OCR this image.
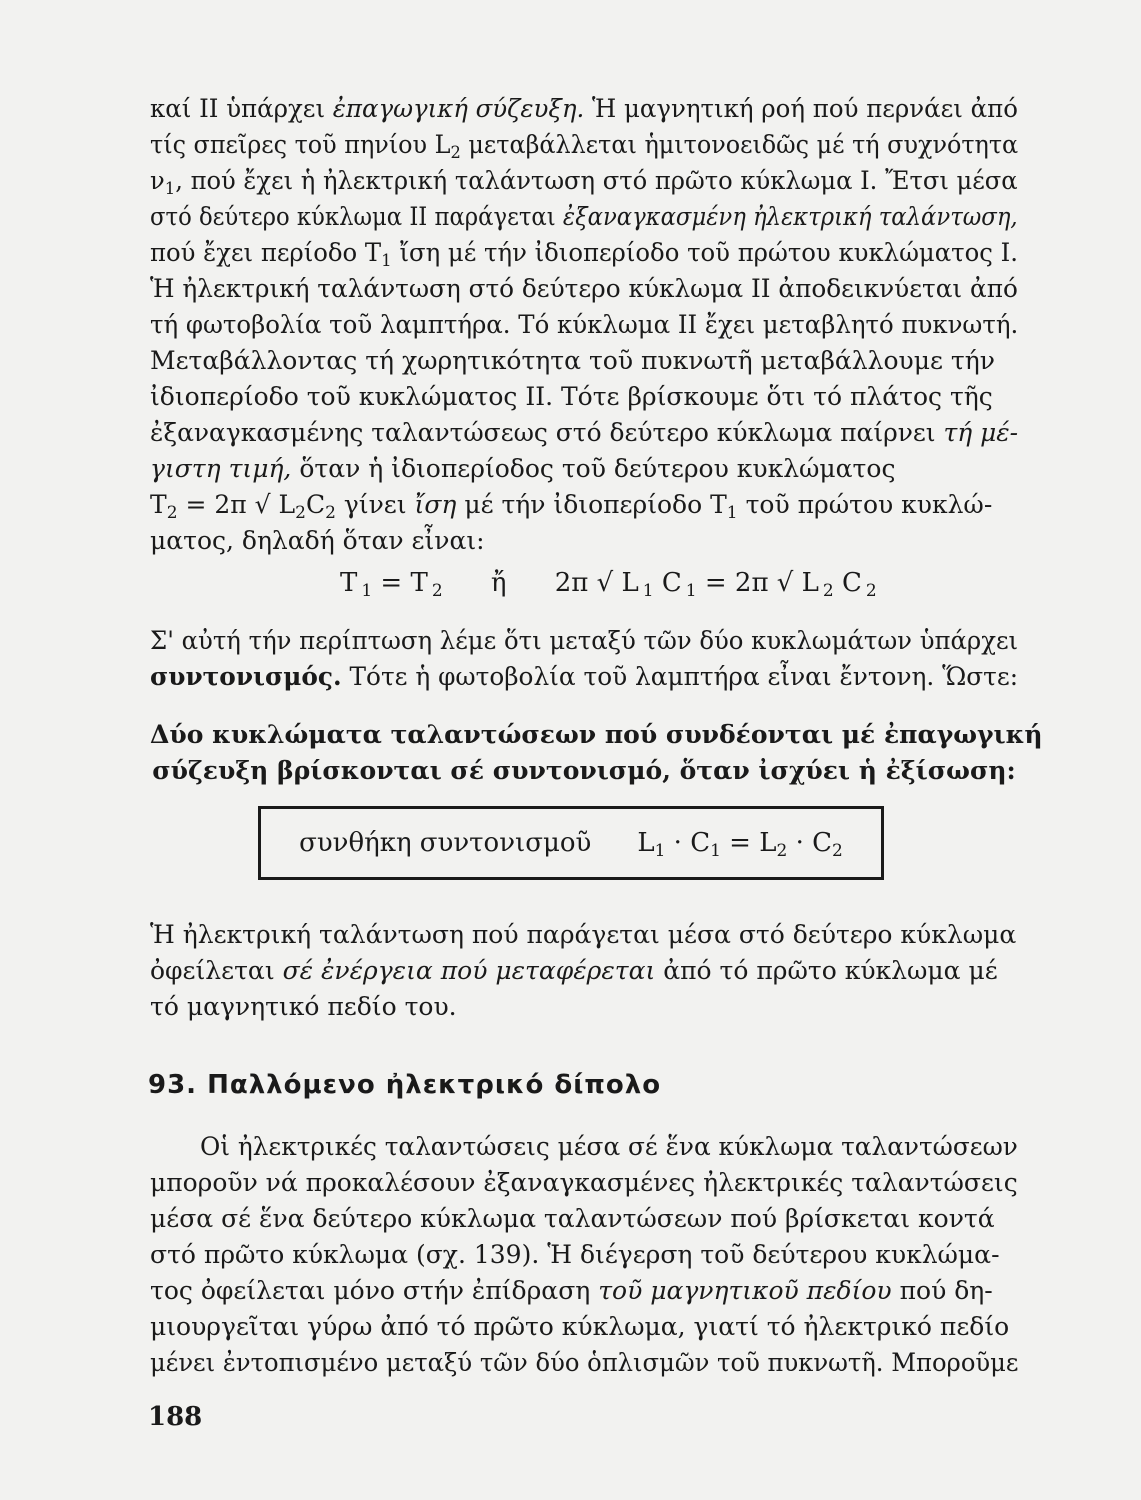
καί II ὑπάρχει ἐπαγωγική σύζευξη. Ἡ μαγνητική ροή πού περνάει ἀπό
τίς σπεῖρες τοῦ πηνίου $L_2$ μεταβάλλεται ἡμιτονοειδῶς μέ τή συχνότητα
$\nu_1$, πού ἔχει ἡ ἠλεκτρική ταλάντωση στό πρῶτο κύκλωμα I. Ἔτσι μέσα
στό δεύτερο κύκλωμα II παράγεται ἐξαναγκασμένη ἠλεκτρική ταλάντωση,
πού ἔχει περίοδο $T_1$ ἴση μέ τήν ἰδιοπερίοδο τοῦ πρώτου κυκλώματος I.
Ἡ ἠλεκτρική ταλάντωση στό δεύτερο κύκλωμα II ἀποδεικνύεται ἀπό
τή φωτοβολία τοῦ λαμπτήρα. Τό κύκλωμα II ἔχει μεταβλητό πυκνωτή.
Μεταβάλλοντας τή χωρητικότητα τοῦ πυκνωτῆ μεταβάλλουμε τήν
ἰδιοπερίοδο τοῦ κυκλώματος II. Τότε βρίσκουμε ὅτι τό πλάτος τῆς
ἐξαναγκασμένης ταλαντώσεως στό δεύτερο κύκλωμα παίρνει τή μέ-
γιστη τιμή, ὅταν ἡ ἰδιοπερίοδος τοῦ δεύτερου κυκλώματος
$T_2 = 2\pi$ √ $L_2C_2$ γίνει ἴση μέ τήν ἰδιοπερίοδο $T_1$ τοῦ πρώτου κυκλώ-
ματος, δηλαδή ὅταν εἶναι:
T $_1$ = T $_2$ ἤ 2π √ L $_1$ C $_1$ = 2π √ L $_2$ C $_2$
Σ' αὐτή τήν περίπτωση λέμε ὅτι μεταξύ τῶν δύο κυκλωμάτων ὑπάρχει
συντονισμός. Τότε ἡ φωτοβολία τοῦ λαμπτήρα εἶναι ἔντονη. Ὥστε:
Δύο κυκλώματα ταλαντώσεων πού συνδέονται μέ ἐπαγωγική
σύζευξη βρίσκονται σέ συντονισμό, ὅταν ἰσχύει ἡ ἐξίσωση:
συνθήκη συντονισμοῦ $L_1 \cdot C_1 = L_2 \cdot C_2$
Ἡ ἠλεκτρική ταλάντωση πού παράγεται μέσα στό δεύτερο κύκλωμα
ὀφείλεται σέ ἐνέργεια πού μεταφέρεται ἀπό τό πρῶτο κύκλωμα μέ
τό μαγνητικό πεδίο του.
93. Παλλόμενο ἠλεκτρικό δίπολο
Οἱ ἠλεκτρικές ταλαντώσεις μέσα σέ ἕνα κύκλωμα ταλαντώσεων
μποροῦν νά προκαλέσουν ἐξαναγκασμένες ἠλεκτρικές ταλαντώσεις
μέσα σέ ἕνα δεύτερο κύκλωμα ταλαντώσεων πού βρίσκεται κοντά
στό πρῶτο κύκλωμα (σχ. 139). Ἡ διέγερση τοῦ δεύτερου κυκλώμα-
τος ὀφείλεται μόνο στήν ἐπίδραση τοῦ μαγνητικοῦ πεδίου πού δη-
μιουργεῖται γύρω ἀπό τό πρῶτο κύκλωμα, γιατί τό ἠλεκτρικό πεδίο
μένει ἐντοπισμένο μεταξύ τῶν δύο ὁπλισμῶν τοῦ πυκνωτῆ. Μποροῦμε
188
